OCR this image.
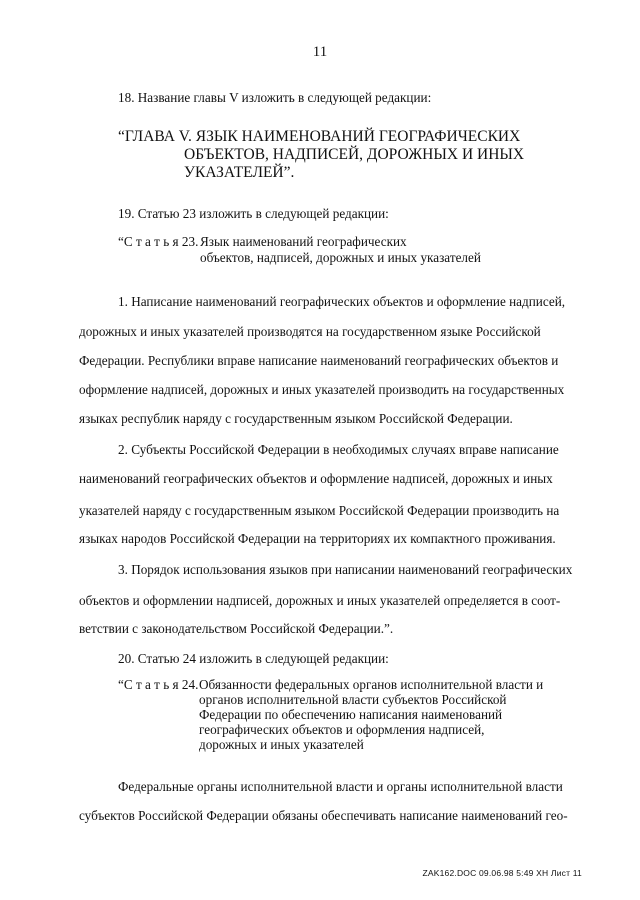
11
18. Название главы V изложить в следующей редакции:
“ГЛАВА V. ЯЗЫК НАИМЕНОВАНИЙ ГЕОГРАФИЧЕСКИХ
ОБЪЕКТОВ, НАДПИСЕЙ, ДОРОЖНЫХ И ИНЫХ
УКАЗАТЕЛЕЙ”.
19. Статью 23 изложить в следующей редакции:
“С т а т ь я 23. Язык наименований географических
объектов, надписей, дорожных и иных указателей
1. Написание наименований географических объектов и оформление надписей,
дорожных и иных указателей производятся на государственном языке Российской
Федерации. Республики вправе написание наименований географических объектов и
оформление надписей, дорожных и иных указателей производить на государственных
языках республик наряду с государственным языком Российской Федерации.
2. Субъекты Российской Федерации в необходимых случаях вправе написание
наименований географических объектов и оформление надписей, дорожных и иных
указателей наряду с государственным языком Российской Федерации производить на
языках народов Российской Федерации на территориях их компактного проживания.
3. Порядок использования языков при написании наименований географических
объектов и оформлении надписей, дорожных и иных указателей определяется в соот-
ветствии с законодательством Российской Федерации.”.
20. Статью 24 изложить в следующей редакции:
“С т а т ь я 24. Обязанности федеральных органов исполнительной власти и
органов исполнительной власти субъектов Российской
Федерации по обеспечению написания наименований
географических объектов и оформления надписей,
дорожных и иных указателей
Федеральные органы исполнительной власти и органы исполнительной власти
субъектов Российской Федерации обязаны обеспечивать написание наименований гео-
ZAK162.DOC 09.06.98 5:49 ХН Лист 11
